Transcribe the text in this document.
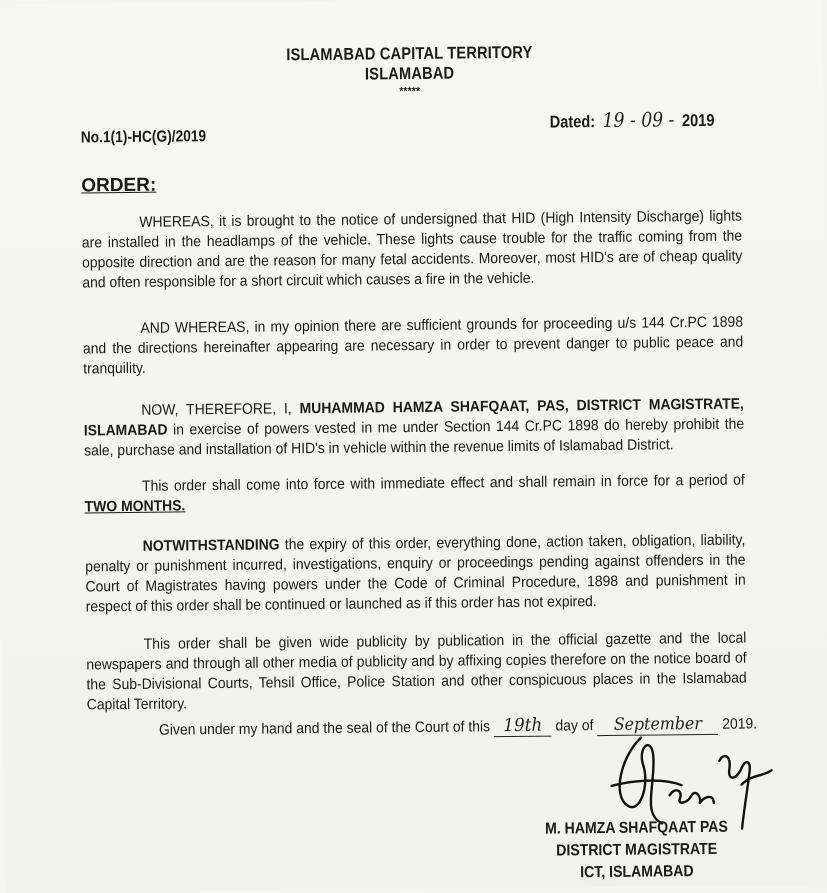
ISLAMABAD CAPITAL TERRITORY
ISLAMABAD
*****
No.1(1)-HC(G)/2019
Dated: 19 - 09 - 2019
ORDER:

WHEREAS, it is brought to the notice of undersigned that HID (High Intensity Discharge) lights are installed in the headlamps of the vehicle. These lights cause trouble for the traffic coming from the opposite direction and are the reason for many fetal accidents. Moreover, most HID's are of cheap quality and often responsible for a short circuit which causes a fire in the vehicle.

AND WHEREAS, in my opinion there are sufficient grounds for proceeding u/s 144 Cr.PC 1898 and the directions hereinafter appearing are necessary in order to prevent danger to public peace and tranquility.

NOW, THEREFORE, I, MUHAMMAD HAMZA SHAFQAAT, PAS, DISTRICT MAGISTRATE, ISLAMABAD in exercise of powers vested in me under Section 144 Cr.PC 1898 do hereby prohibit the sale, purchase and installation of HID's in vehicle within the revenue limits of Islamabad District.

This order shall come into force with immediate effect and shall remain in force for a period of TWO MONTHS.

NOTWITHSTANDING the expiry of this order, everything done, action taken, obligation, liability, penalty or punishment incurred, investigations, enquiry or proceedings pending against offenders in the Court of Magistrates having powers under the Code of Criminal Procedure, 1898 and punishment in respect of this order shall be continued or launched as if this order has not expired.

This order shall be given wide publicity by publication in the official gazette and the local newspapers and through all other media of publicity and by affixing copies therefore on the notice board of the Sub-Divisional Courts, Tehsil Office, Police Station and other conspicuous places in the Islamabad Capital Territory.

Given under my hand and the seal of the Court of this 19th day of September 2019.
M. HAMZA SHAFQAAT PAS
DISTRICT MAGISTRATE
ICT, ISLAMABAD
